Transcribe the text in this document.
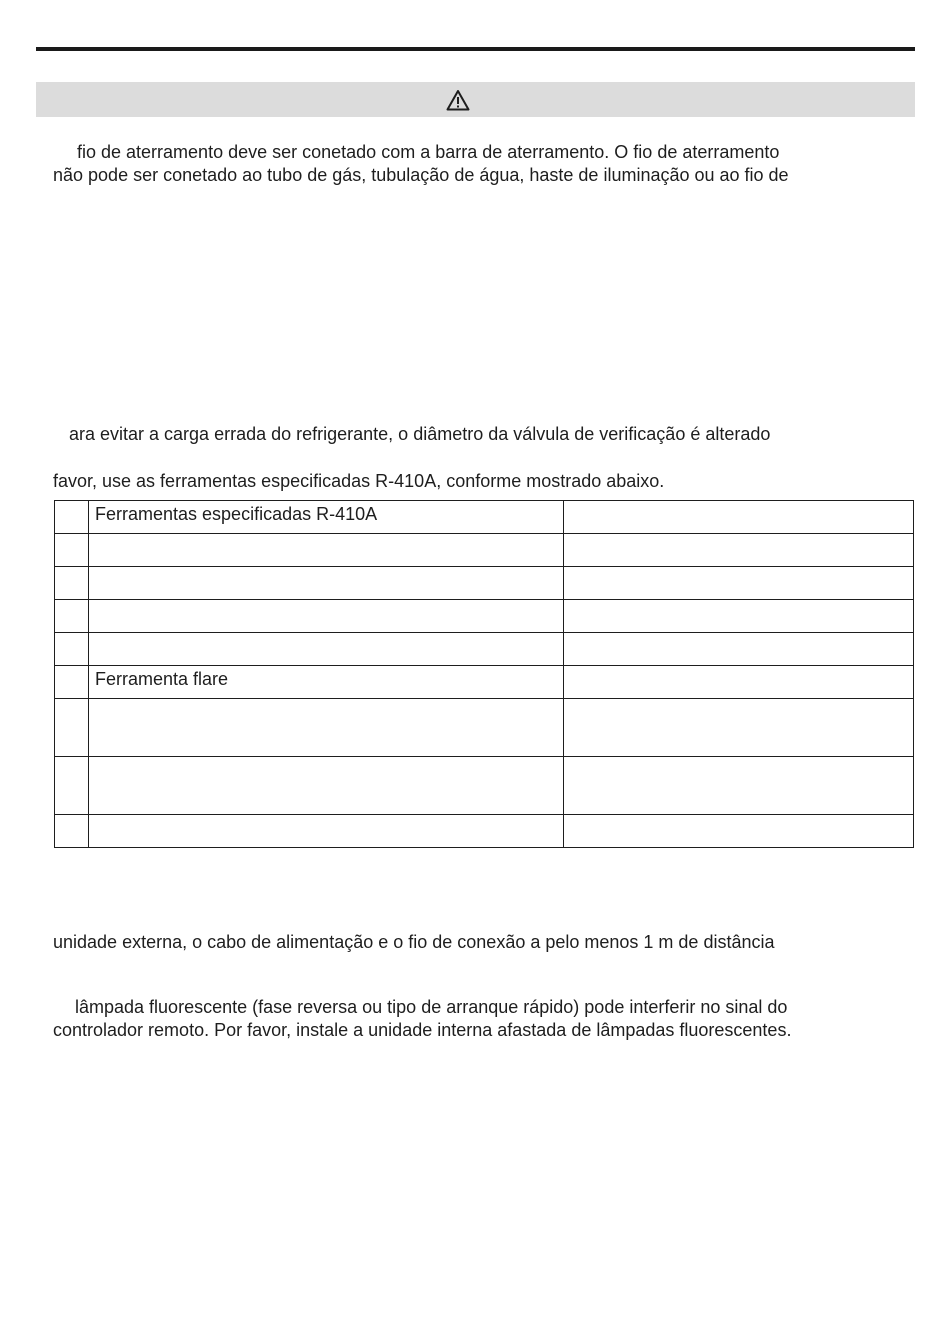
fio de aterramento deve ser conetado com a barra de aterramento. O fio de aterramento

não pode ser conetado ao tubo de gás, tubulação de água, haste de iluminação ou ao fio de

ara evitar a carga errada do refrigerante, o diâmetro da válvula de verificação é alterado

favor, use as ferramentas especificadas R-410A, conforme mostrado abaixo.

	Ferramentas especificadas R-410A	

	Ferramenta flare	

unidade externa, o cabo de alimentação e o fio de conexão a pelo menos 1 m de distância

lâmpada fluorescente (fase reversa ou tipo de arranque rápido) pode interferir no sinal do

controlador remoto. Por favor, instale a unidade interna afastada de lâmpadas fluorescentes.
